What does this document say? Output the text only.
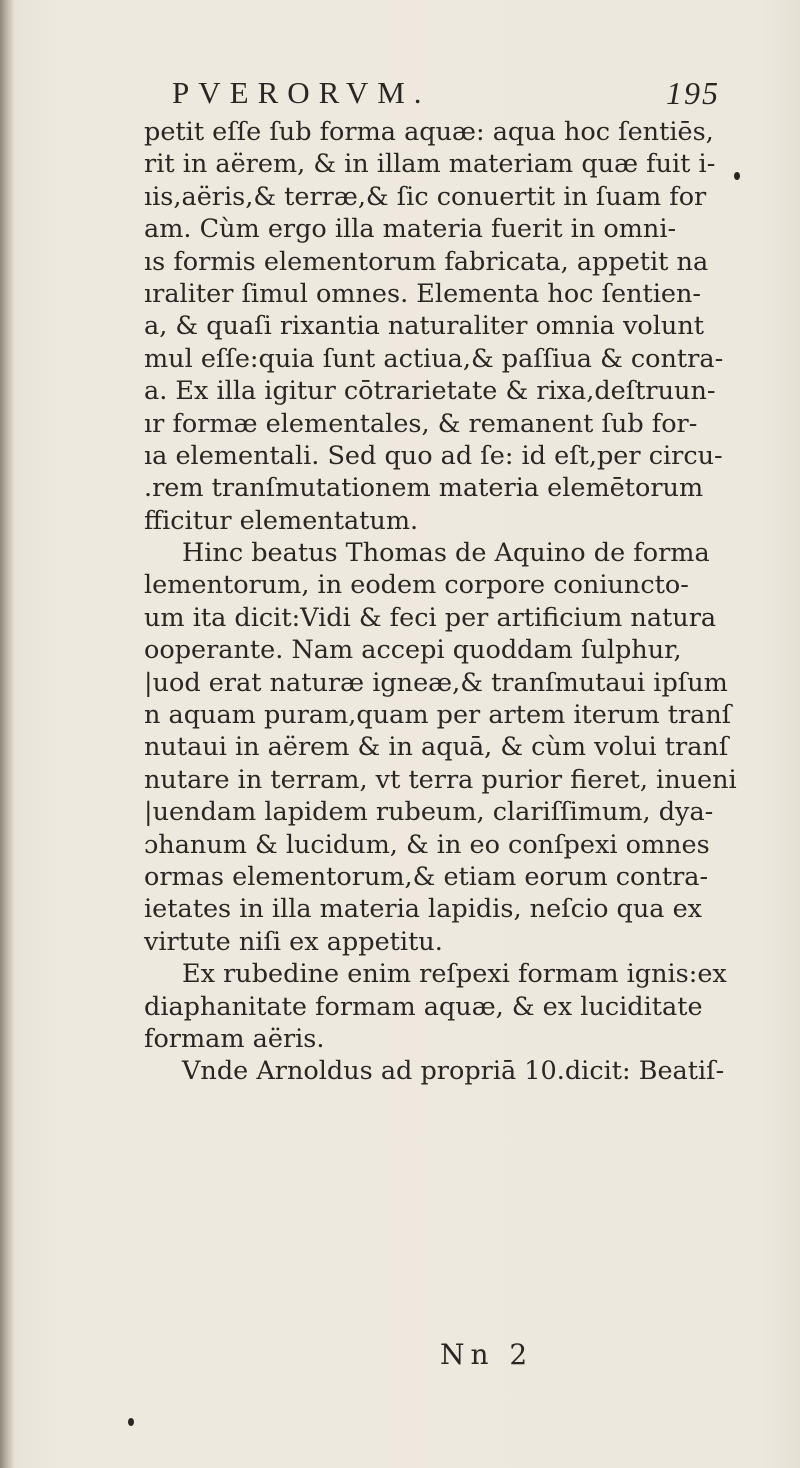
PVERORVM.	195
petit eſſe ſub forma aquæ: aqua hoc ſentiēs,
rit in aërem, & in illam materiam quæ fuit i-
ıis,aëris,& terræ,& ſic conuertit in ſuam for
am. Cùm ergo illa materia fuerit in omni-
ıs formis elementorum fabricata, appetit na
ıraliter ſimul omnes. Elementa hoc ſentien-
a, & quaſi rixantia naturaliter omnia volunt
mul eſſe:quia ſunt actiua,& paſſiua & contra-
a. Ex illa igitur cōtrarietate & rixa,deſtruun-
ır formæ elementales, & remanent ſub for-
ıa elementali. Sed quo ad ſe: id eſt,per circu-
.rem tranſmutationem materia elemētorum
fficitur elementatum.
Hinc beatus Thomas de Aquino de forma
lementorum, in eodem corpore coniunctо-
um ita dicit:Vidi & feci per artificium natura
ooperante. Nam accepi quoddam ſulphur,
|uod erat naturæ igneæ,& tranſmutaui ipſum
n aquam puram,quam per artem iterum tranſ
nutaui in aërem & in aquā, & cùm volui tranſ
nutare in terram, vt terra purior fieret, inueni
|uendam lapidem rubeum, clariſſimum, dya-
ɔhanum & lucidum, & in eo conſpexi omnes
ormas elementorum,& etiam eorum contra-
ietates in illa materia lapidis, neſcio qua ex
virtute niſi ex appetitu.
Ex rubedine enim reſpexi formam ignis:ex
diaphanitate formam aquæ, & ex luciditate
formam aëris.
Vnde Arnoldus ad propriā 10.dicit: Beatiſ-
Nn 2
